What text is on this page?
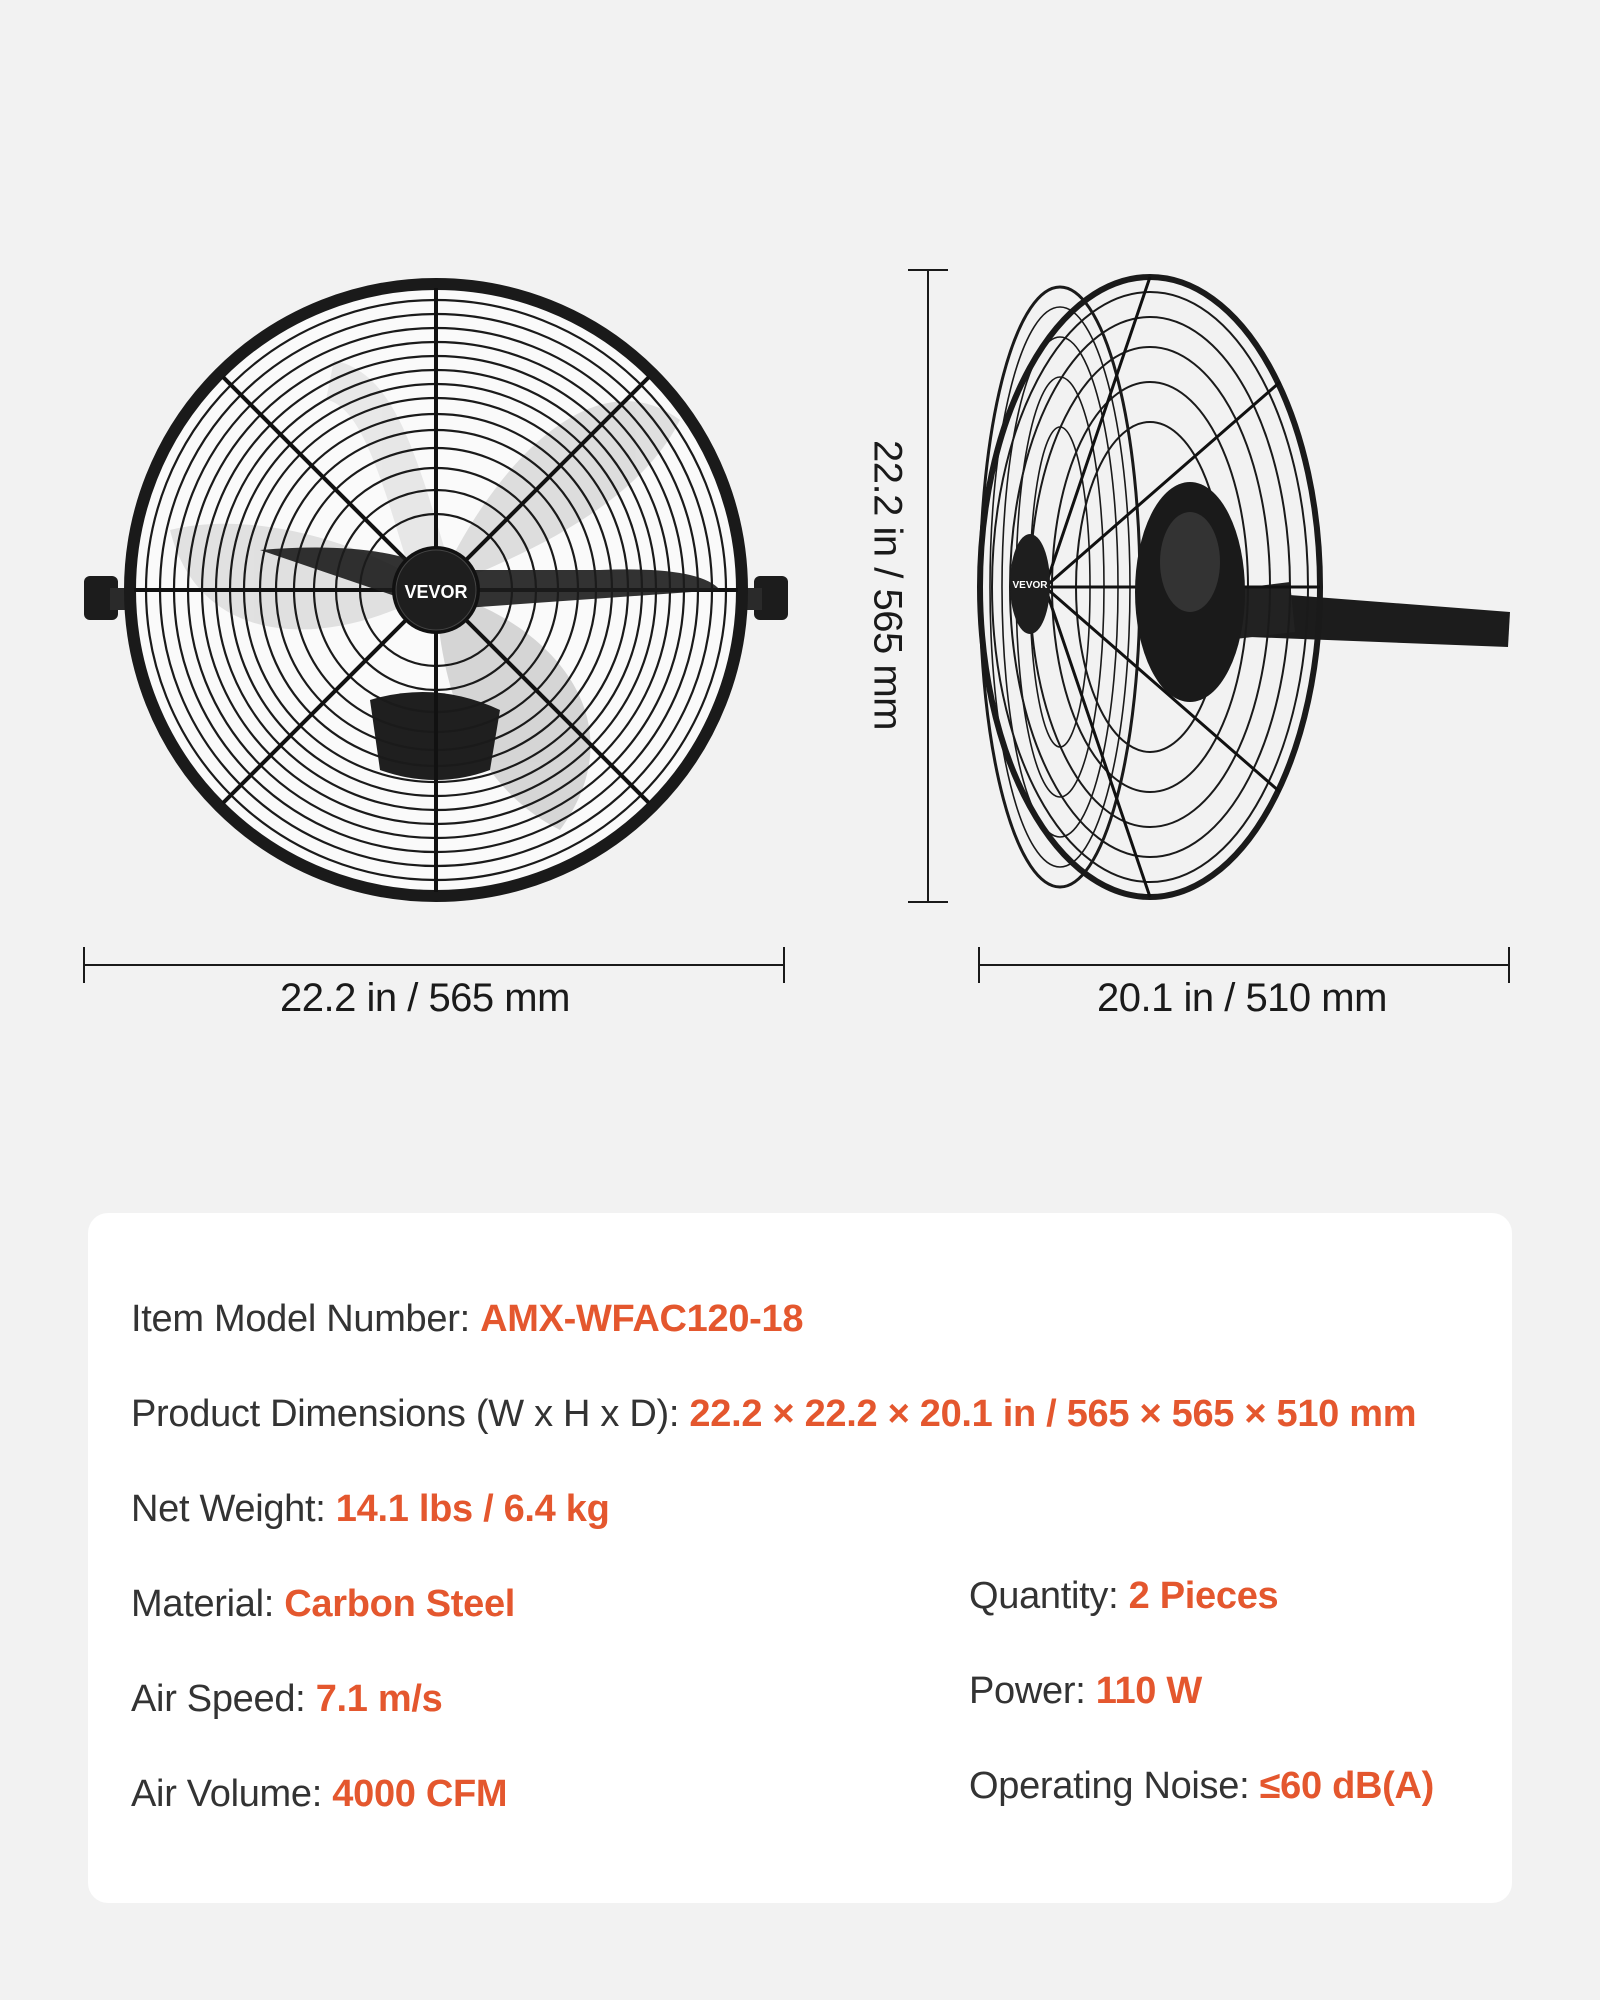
VEVOR	22.2 in / 565 mm	VEVOR
22.2 in / 565 mm	20.1 in / 510 mm
Item Model Number: AMX-WFAC120-18
Product Dimensions (W x H x D): 22.2 × 22.2 × 20.1 in / 565 × 565 × 510 mm
Net Weight: 14.1 lbs / 6.4 kg
Material: Carbon Steel
Air Speed: 7.1 m/s
Air Volume: 4000 CFM
Quantity: 2 Pieces
Power: 110 W
Operating Noise: ≤60 dB(A)
